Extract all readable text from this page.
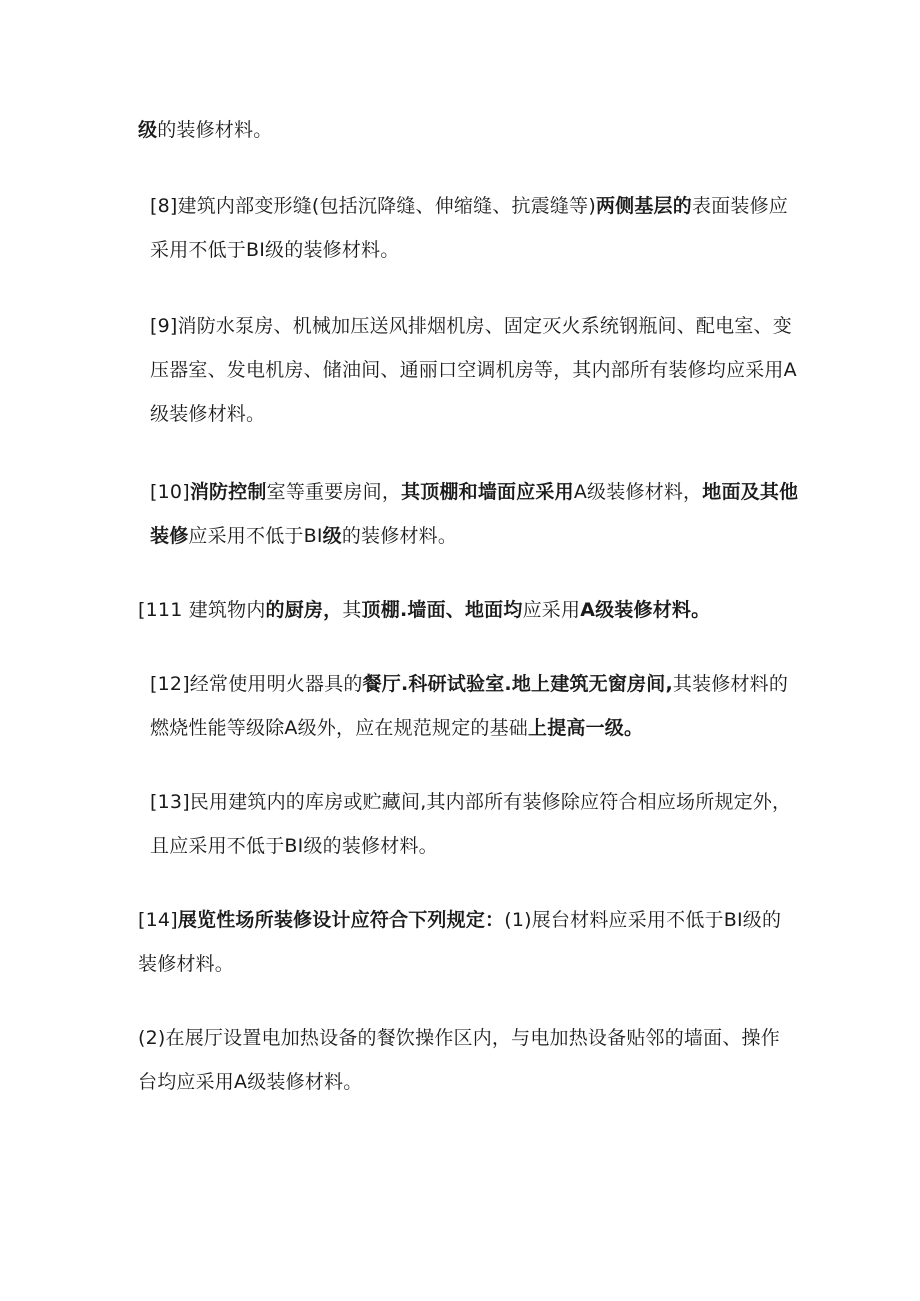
级的装修材料。

[8]建筑内部变形缝(包括沉降缝、伸缩缝、抗震缝等)两侧基层的表面装修应采用不低于BI级的装修材料。

[9]消防水泵房、机械加压送风排烟机房、固定灭火系统钢瓶间、配电室、变压器室、发电机房、储油间、通丽口空调机房等，其内部所有装修均应采用A级装修材料。

[10]消防控制室等重要房间，其顶棚和墙面应采用A级装修材料，地面及其他装修应采用不低于BI级的装修材料。

[111 建筑物内的厨房，其顶棚.墙面、地面均应采用A级装修材料。

[12]经常使用明火器具的餐厅.科研试验室.地上建筑无窗房间,其装修材料的燃烧性能等级除A级外，应在规范规定的基础上提高一级。

[13]民用建筑内的库房或贮藏间,其内部所有装修除应符合相应场所规定外，且应采用不低于BI级的装修材料。

[14]展览性场所装修设计应符合下列规定：(1)展台材料应采用不低于BI级的装修材料。

(2)在展厅设置电加热设备的餐饮操作区内，与电加热设备贴邻的墙面、操作台均应采用A级装修材料。
